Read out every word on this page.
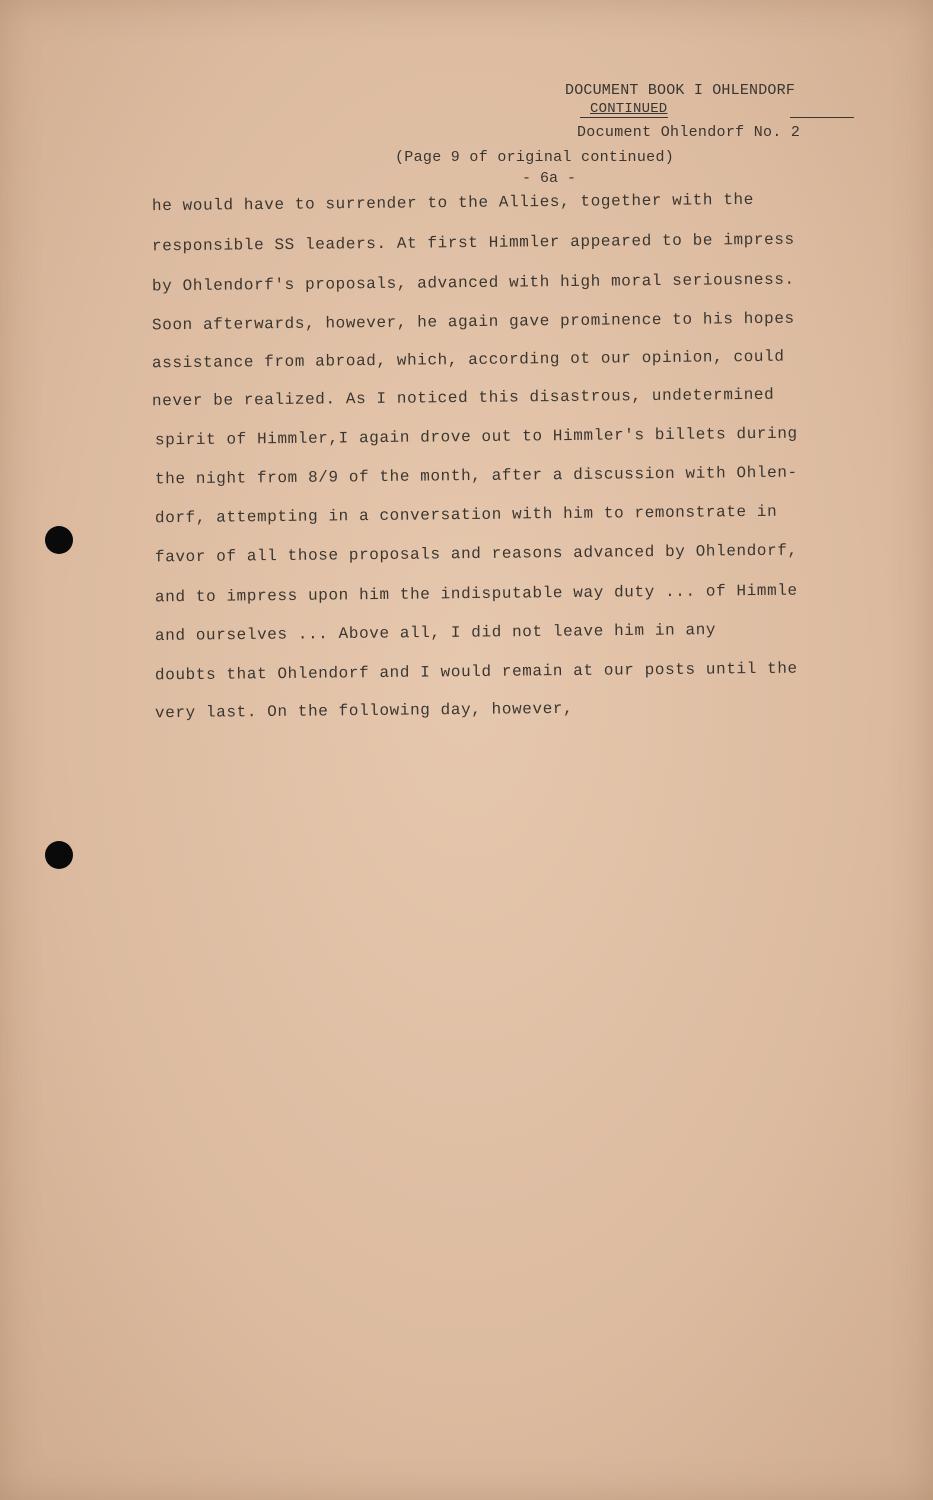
DOCUMENT BOOK I OHLENDORF
CONTINUED
Document Ohlendorf No. 2
(Page 9 of original continued)
- 6a -
he would have to surrender to the Allies, together with the
responsible SS leaders. At first Himmler appeared to be impress
by Ohlendorf's proposals, advanced with high moral seriousness.
Soon afterwards, however, he again gave prominence to his hopes
assistance from abroad, which, according ot our opinion, could
never be realized. As I noticed this disastrous, undetermined
spirit of Himmler,I again drove out to Himmler's billets during
the night from 8/9 of the month, after a discussion with Ohlen-
dorf, attempting in a conversation with him to remonstrate in
favor of all those proposals and reasons advanced by Ohlendorf,
and to impress upon him the indisputable way duty ... of Himmle
and ourselves ... Above all, I did not leave him in any
doubts that Ohlendorf and I would remain at our posts until the
very last. On the following day, however,
